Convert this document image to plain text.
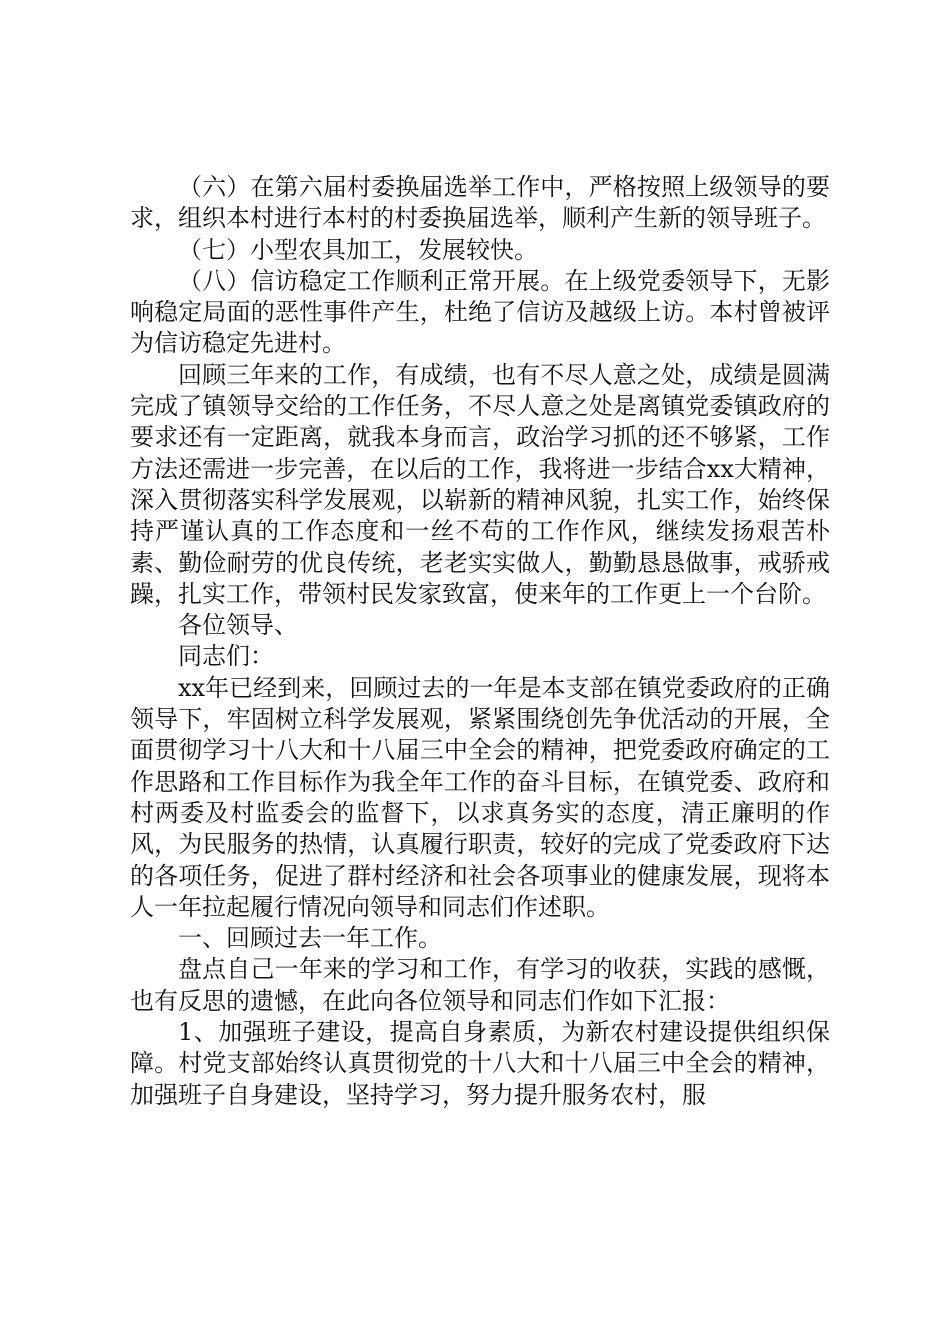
（六）在第六届村委换届选举工作中，严格按照上级领导的要求，组织本村进行本村的村委换届选举，顺利产生新的领导班子。

（七）小型农具加工，发展较快。

（八）信访稳定工作顺利正常开展。在上级党委领导下，无影响稳定局面的恶性事件产生，杜绝了信访及越级上访。本村曾被评为信访稳定先进村。

回顾三年来的工作，有成绩，也有不尽人意之处，成绩是圆满完成了镇领导交给的工作任务，不尽人意之处是离镇党委镇政府的要求还有一定距离，就我本身而言，政治学习抓的还不够紧，工作方法还需进一步完善，在以后的工作，我将进一步结合xx大精神，深入贯彻落实科学发展观，以崭新的精神风貌，扎实工作，始终保持严谨认真的工作态度和一丝不苟的工作作风，继续发扬艰苦朴素、勤俭耐劳的优良传统，老老实实做人，勤勤恳恳做事，戒骄戒躁，扎实工作，带领村民发家致富，使来年的工作更上一个台阶。

各位领导、

同志们：

xx年已经到来，回顾过去的一年是本支部在镇党委政府的正确领导下，牢固树立科学发展观，紧紧围绕创先争优活动的开展，全面贯彻学习十八大和十八届三中全会的精神，把党委政府确定的工作思路和工作目标作为我全年工作的奋斗目标，在镇党委、政府和村两委及村监委会的监督下，以求真务实的态度，清正廉明的作风，为民服务的热情，认真履行职责，较好的完成了党委政府下达的各项任务，促进了群村经济和社会各项事业的健康发展，现将本人一年拉起履行情况向领导和同志们作述职。

一、回顾过去一年工作。

盘点自己一年来的学习和工作，有学习的收获，实践的感慨，也有反思的遗憾，在此向各位领导和同志们作如下汇报：

1、加强班子建设，提高自身素质，为新农村建设提供组织保障。村党支部始终认真贯彻党的十八大和十八届三中全会的精神，加强班子自身建设，坚持学习，努力提升服务农村，服
